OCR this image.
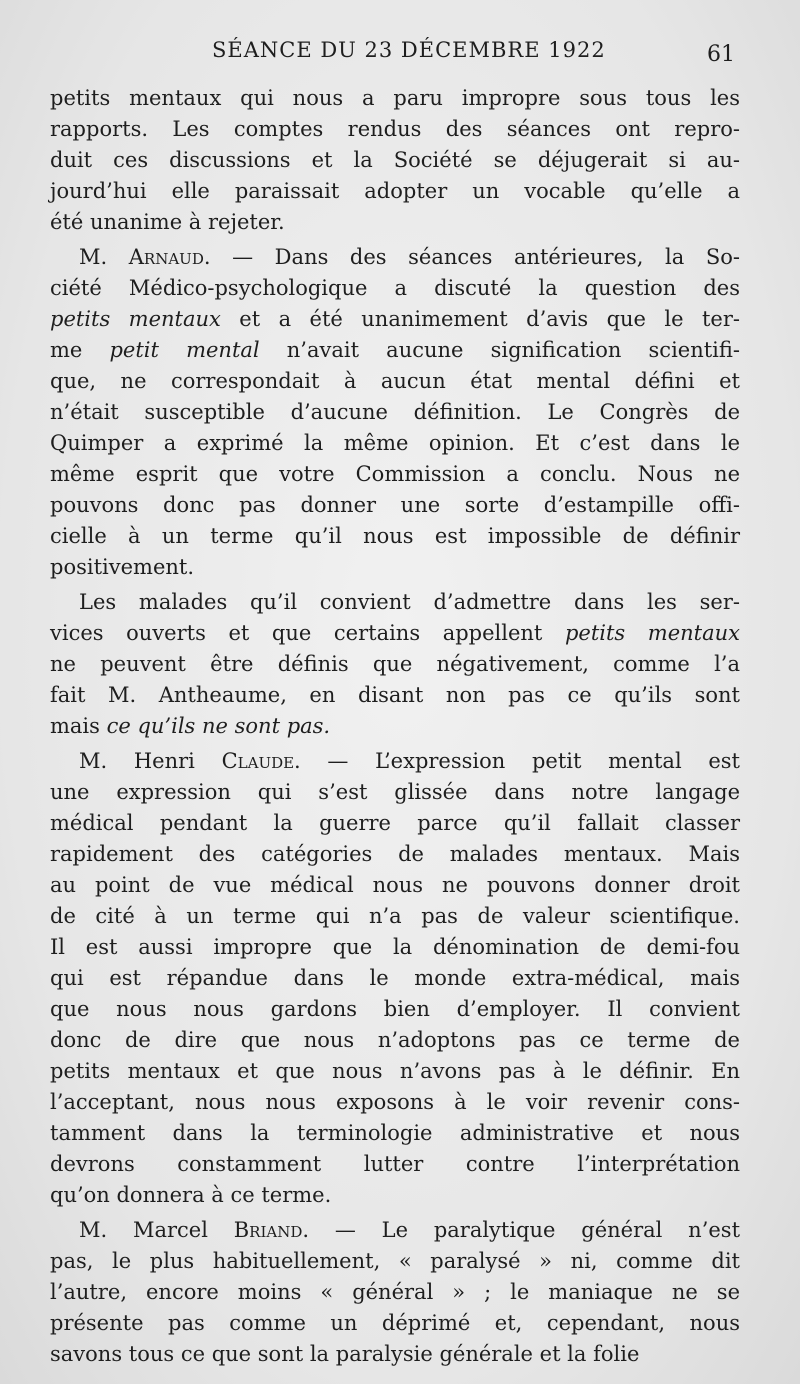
SÉANCE DU 23 DÉCEMBRE 1922	61
petits mentaux qui nous a paru impropre sous tous les
rapports. Les comptes rendus des séances ont repro-
duit ces discussions et la Société se déjugerait si au-
jourd’hui elle paraissait adopter un vocable qu’elle a
été unanime à rejeter.
M. Arnaud. — Dans des séances antérieures, la So-
ciété Médico-psychologique a discuté la question des
petits mentaux et a été unanimement d’avis que le ter-
me petit mental n’avait aucune signification scientifi-
que, ne correspondait à aucun état mental défini et
n’était susceptible d’aucune définition. Le Congrès de
Quimper a exprimé la même opinion. Et c’est dans le
même esprit que votre Commission a conclu. Nous ne
pouvons donc pas donner une sorte d’estampille offi-
cielle à un terme qu’il nous est impossible de définir
positivement.
Les malades qu’il convient d’admettre dans les ser-
vices ouverts et que certains appellent petits mentaux
ne peuvent être définis que négativement, comme l’a
fait M. Antheaume, en disant non pas ce qu’ils sont
mais ce qu’ils ne sont pas.
M. Henri Claude. — L’expression petit mental est
une expression qui s’est glissée dans notre langage
médical pendant la guerre parce qu’il fallait classer
rapidement des catégories de malades mentaux. Mais
au point de vue médical nous ne pouvons donner droit
de cité à un terme qui n’a pas de valeur scientifique.
Il est aussi impropre que la dénomination de demi-fou
qui est répandue dans le monde extra-médical, mais
que nous nous gardons bien d’employer. Il convient
donc de dire que nous n’adoptons pas ce terme de
petits mentaux et que nous n’avons pas à le définir. En
l’acceptant, nous nous exposons à le voir revenir cons-
tamment dans la terminologie administrative et nous
devrons constamment lutter contre l’interprétation
qu’on donnera à ce terme.
M. Marcel Briand. — Le paralytique général n’est
pas, le plus habituellement, « paralysé » ni, comme dit
l’autre, encore moins « général » ; le maniaque ne se
présente pas comme un déprimé et, cependant, nous
savons tous ce que sont la paralysie générale et la folie
